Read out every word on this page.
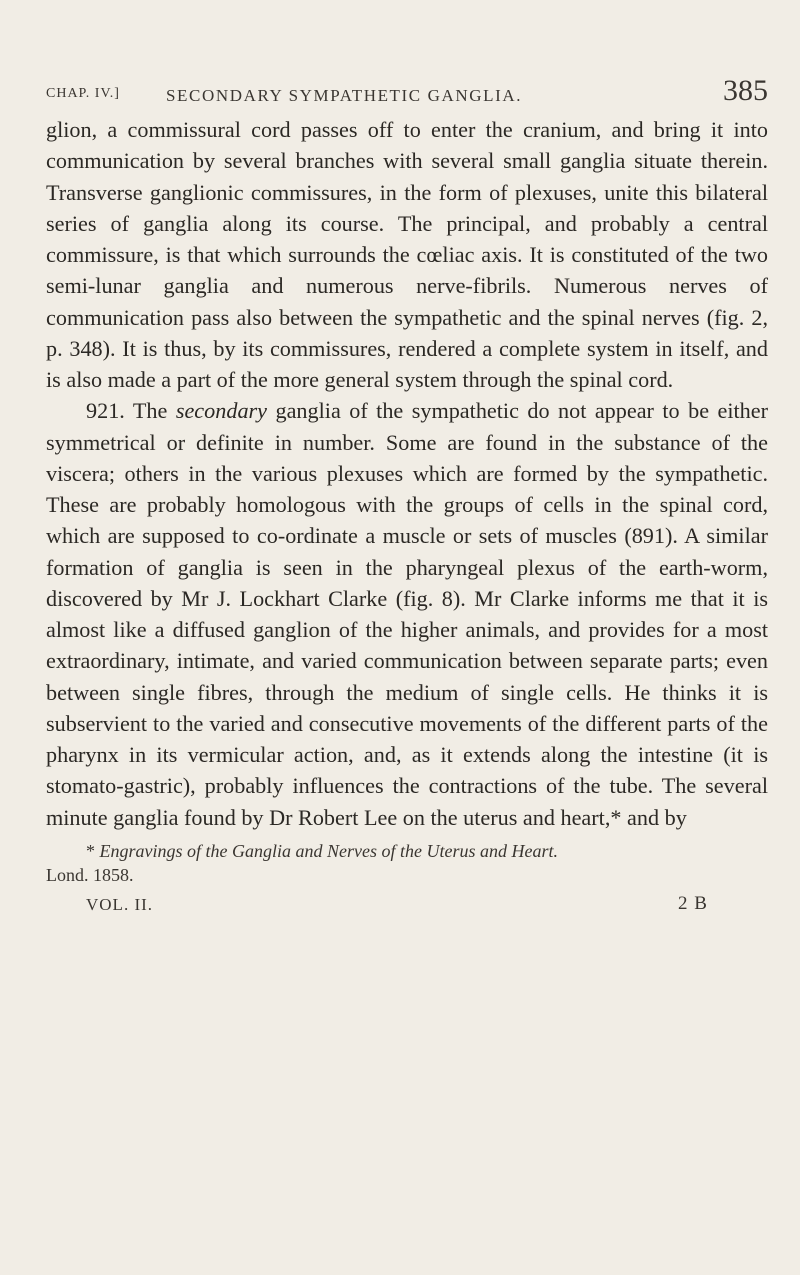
CHAP. IV.]	SECONDARY SYMPATHETIC GANGLIA.	385

glion, a commissural cord passes off to enter the cranium, and bring it into communication by several branches with several small ganglia situate therein. Transverse ganglionic commissures, in the form of plexuses, unite this bilateral series of ganglia along its course. The principal, and probably a central commissure, is that which surrounds the cœliac axis. It is constituted of the two semi-lunar ganglia and numerous nerve-fibrils. Numerous nerves of communication pass also between the sympathetic and the spinal nerves (fig. 2, p. 348). It is thus, by its commissures, rendered a complete system in itself, and is also made a part of the more general system through the spinal cord.

921. The secondary ganglia of the sympathetic do not appear to be either symmetrical or definite in number. Some are found in the substance of the viscera; others in the various plexuses which are formed by the sympathetic. These are probably homologous with the groups of cells in the spinal cord, which are supposed to co-ordinate a muscle or sets of muscles (891). A similar formation of ganglia is seen in the pharyngeal plexus of the earth-worm, discovered by Mr J. Lockhart Clarke (fig. 8). Mr Clarke informs me that it is almost like a diffused ganglion of the higher animals, and provides for a most extraordinary, intimate, and varied communication between separate parts; even between single fibres, through the medium of single cells. He thinks it is subservient to the varied and consecutive movements of the different parts of the pharynx in its vermicular action, and, as it extends along the intestine (it is stomato-gastric), probably influences the contractions of the tube. The several minute ganglia found by Dr Robert Lee on the uterus and heart,* and by

* Engravings of the Ganglia and Nerves of the Uterus and Heart.

Lond. 1858.

VOL. II.	2 B
